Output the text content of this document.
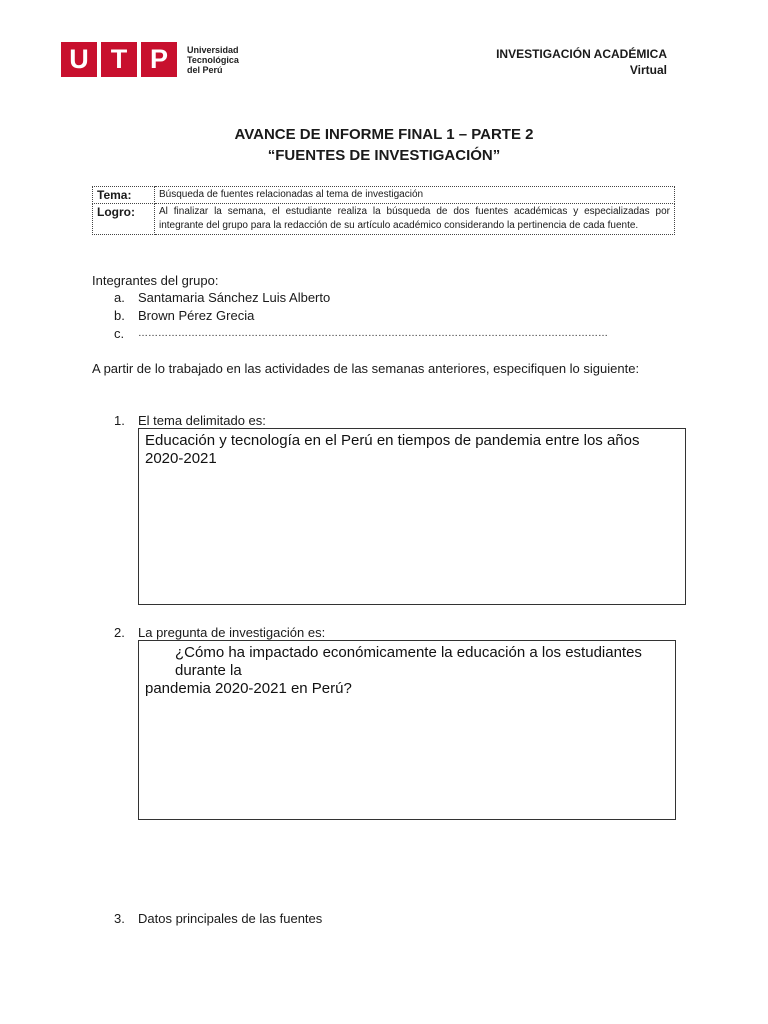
U T P	Universidad
Tecnológica
del Perú
INVESTIGACIÓN ACADÉMICA
Virtual
AVANCE DE INFORME FINAL 1 – PARTE 2
“FUENTES DE INVESTIGACIÓN”
Tema:	Búsqueda de fuentes relacionadas al tema de investigación
Logro:	Al finalizar la semana, el estudiante realiza la búsqueda de dos fuentes académicas y especializadas por integrante del grupo para la redacción de su artículo académico considerando la pertinencia de cada fuente.
Integrantes del grupo:
a.	Santamaria Sánchez Luis Alberto
b.	Brown Pérez Grecia
c.	……………………………………………………………………………………………………………………………
A partir de lo trabajado en las actividades de las semanas anteriores, especifiquen lo siguiente:
1. El tema delimitado es:
Educación y tecnología en el Perú en tiempos de pandemia entre los años 2020-2021
2. La pregunta de investigación es:
¿Cómo ha impactado económicamente la educación a los estudiantes
durante la
pandemia 2020-2021 en Perú?
3. Datos principales de las fuentes
